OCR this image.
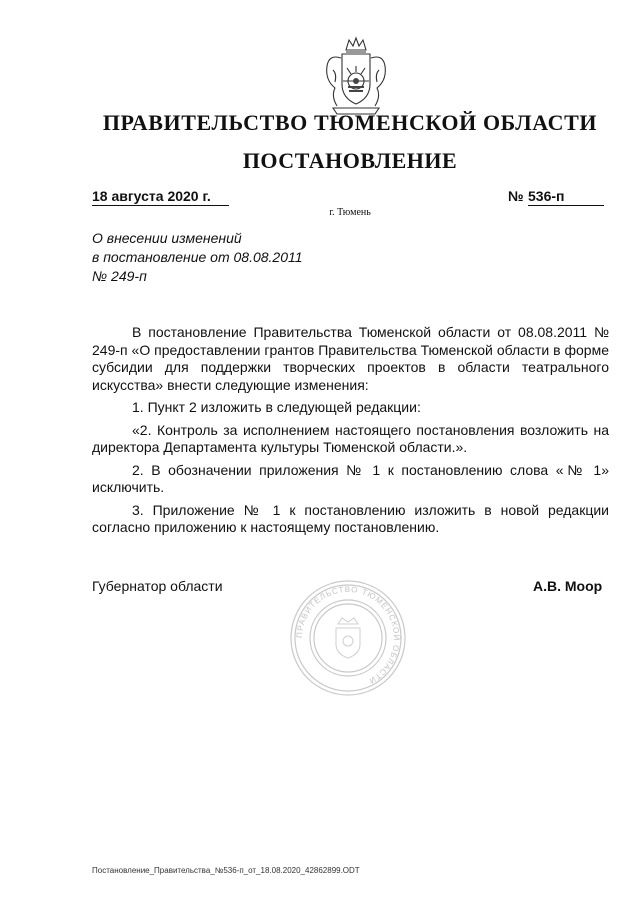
ПРАВИТЕЛЬСТВО ТЮМЕНСКОЙ ОБЛАСТИ
ПОСТАНОВЛЕНИЕ
18 августа 2020 г.	№ 536-п
г. Тюмень
О внесении изменений
в постановление от 08.08.2011
№ 249-п

В постановление Правительства Тюменской области от 08.08.2011 № 249-п «О предоставлении грантов Правительства Тюменской области в форме субсидии для поддержки творческих проектов в области театрального искусства» внести следующие изменения:

1. Пункт 2 изложить в следующей редакции:

«2. Контроль за исполнением настоящего постановления возложить на директора Департамента культуры Тюменской области.».

2. В обозначении приложения № 1 к постановлению слова «№ 1» исключить.

3. Приложение № 1 к постановлению изложить в новой редакции согласно приложению к настоящему постановлению.

Губернатор области	А.В. Моор
ПРАВИТЕЛЬСТВО ТЮМЕНСКОЙ ОБЛАСТИ
Постановление_Правительства_№536-п_от_18.08.2020_42862899.ODT
